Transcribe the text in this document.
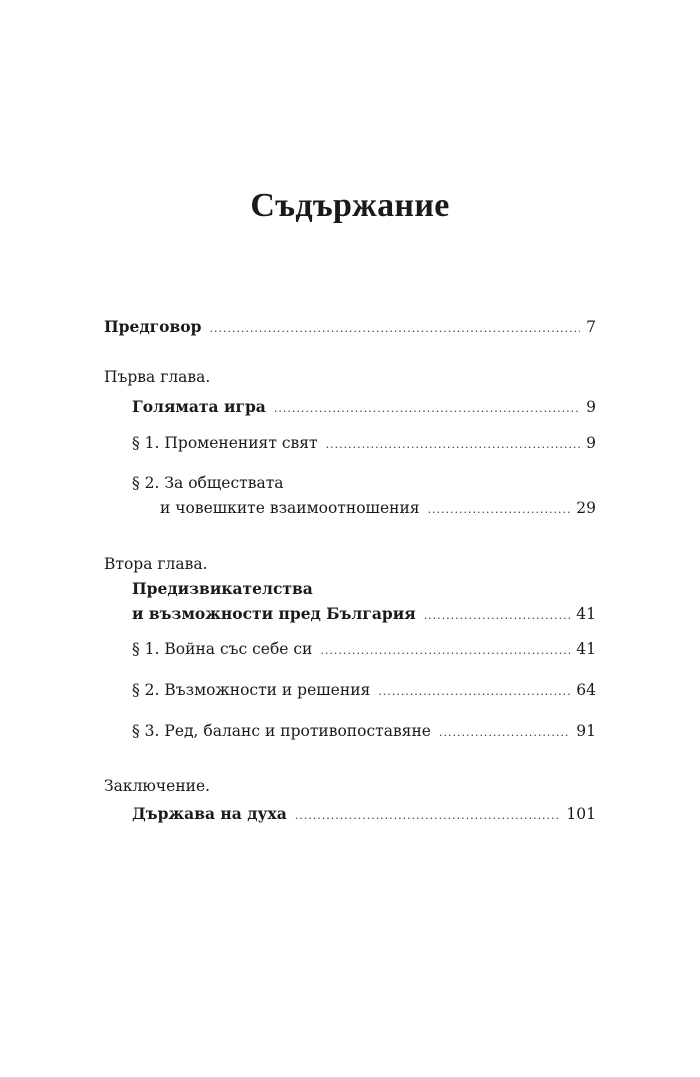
Съдържание
Предговор .....	7
Първа глава.
Голямата игра .....	9
§ 1. Промененият свят .....	9
§ 2. За обществата
и човешките взаимоотношения .....	29
Втора глава.
Предизвикателства
и възможности пред България .....	41
§ 1. Война със себе си .....	41
§ 2. Възможности и решения .....	64
§ 3. Ред, баланс и противопоставяне .....	91
Заключение.
Държава на духа .....	101
